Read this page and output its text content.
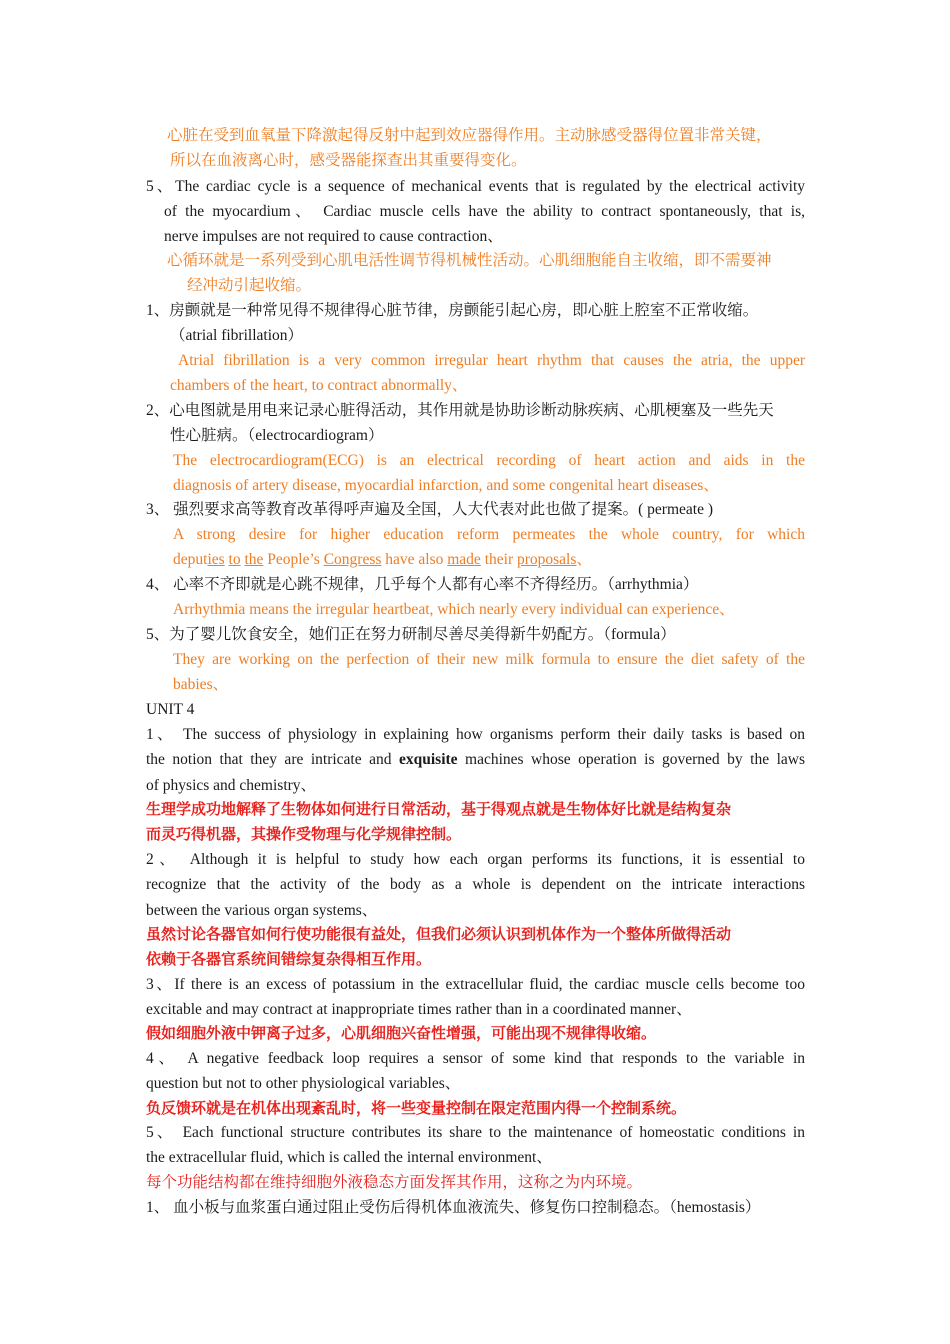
心脏在受到血氧量下降激起得反射中起到效应器得作用。主动脉感受器得位置非常关键，
所以在血液离心时，感受器能探查出其重要得变化。
5、The cardiac cycle is a sequence of mechanical events that is regulated by the electrical activity
of the myocardium、 Cardiac muscle cells have the ability to contract spontaneously, that is,
nerve impulses are not required to cause contraction、
心循环就是一系列受到心肌电活性调节得机械性活动。心肌细胞能自主收缩，即不需要神
经冲动引起收缩。
1、房颤就是一种常见得不规律得心脏节律，房颤能引起心房，即心脏上腔室不正常收缩。
（atrial fibrillation）
Atrial fibrillation is a very common irregular heart rhythm that causes the atria, the upper
chambers of the heart, to contract abnormally、
2、心电图就是用电来记录心脏得活动，其作用就是协助诊断动脉疾病、心肌梗塞及一些先天
性心脏病。（electrocardiogram）
The electrocardiogram(ECG) is an electrical recording of heart action and aids in the
diagnosis of artery disease, myocardial infarction, and some congenital heart diseases、
3、 强烈要求高等教育改革得呼声遍及全国，人大代表对此也做了提案。( permeate )
A strong desire for higher education reform permeates the whole country, for which
deputies to the People’s Congress have also made their proposals、
4、 心率不齐即就是心跳不规律，几乎每个人都有心率不齐得经历。（arrhythmia）
Arrhythmia means the irregular heartbeat, which nearly every individual can experience、
5、为了婴儿饮食安全，她们正在努力研制尽善尽美得新牛奶配方。（formula）
They are working on the perfection of their new milk formula to ensure the diet safety of the
babies、
UNIT 4
1、 The success of physiology in explaining how organisms perform their daily tasks is based on
the notion that they are intricate and exquisite machines whose operation is governed by the laws
of physics and chemistry、
生理学成功地解释了生物体如何进行日常活动，基于得观点就是生物体好比就是结构复杂
而灵巧得机器，其操作受物理与化学规律控制。
2、 Although it is helpful to study how each organ performs its functions, it is essential to
recognize that the activity of the body as a whole is dependent on the intricate interactions
between the various organ systems、
虽然讨论各器官如何行使功能很有益处，但我们必须认识到机体作为一个整体所做得活动
依赖于各器官系统间错综复杂得相互作用。
3、If there is an excess of potassium in the extracellular fluid, the cardiac muscle cells become too
excitable and may contract at inappropriate times rather than in a coordinated manner、
假如细胞外液中钾离子过多，心肌细胞兴奋性增强，可能出现不规律得收缩。
4、 A negative feedback loop requires a sensor of some kind that responds to the variable in
question but not to other physiological variables、
负反馈环就是在机体出现紊乱时，将一些变量控制在限定范围内得一个控制系统。
5、 Each functional structure contributes its share to the maintenance of homeostatic conditions in
the extracellular fluid, which is called the internal environment、
每个功能结构都在维持细胞外液稳态方面发挥其作用，这称之为内环境。
1、 血小板与血浆蛋白通过阻止受伤后得机体血液流失、修复伤口控制稳态。（hemostasis）
